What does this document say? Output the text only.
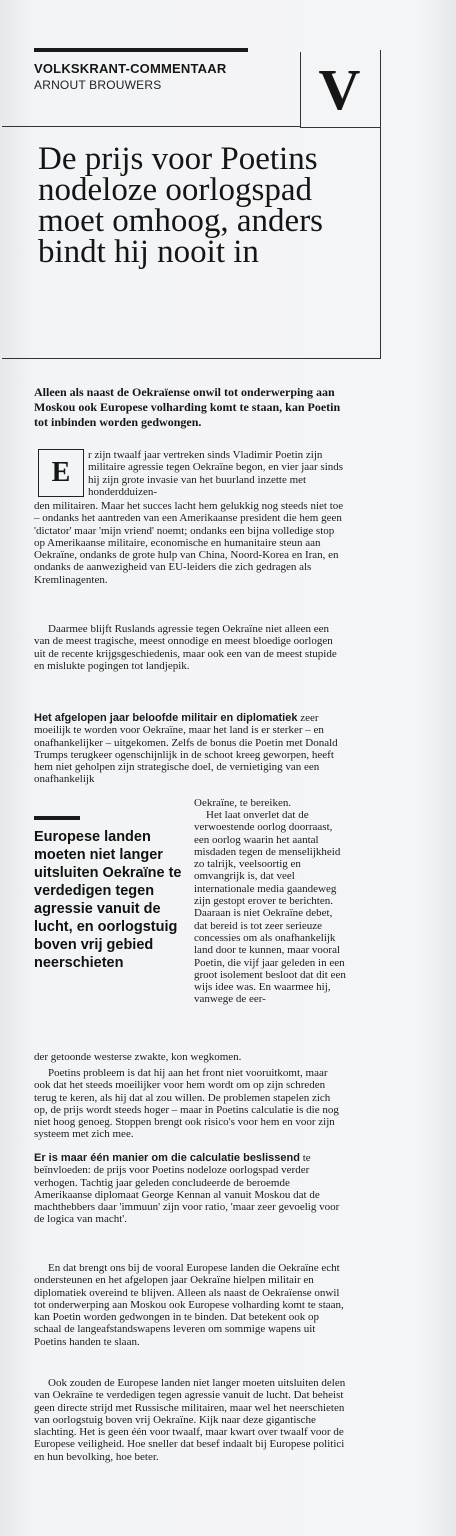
VOLKSKRANT-COMMENTAAR
ARNOUT BROUWERS	V
De prijs voor Poetins nodeloze oorlogspad moet omhoog, anders bindt hij nooit in
Alleen als naast de Oekraïense onwil tot onderwerping aan Moskou ook Europese volharding komt te staan, kan Poetin tot inbinden worden gedwongen.
E
r zijn twaalf jaar vertreken sinds Vladimir Poetin zijn militaire agressie tegen Oekraïne begon, en vier jaar sinds hij zijn grote invasie van het buurland inzette met honderdduizen-
den militairen. Maar het succes lacht hem gelukkig nog steeds niet toe – ondanks het aantreden van een Amerikaanse president die hem geen 'dictator' maar 'mijn vriend' noemt; ondanks een bijna volledige stop op Amerikaanse militaire, economische en humanitaire steun aan Oekraïne, ondanks de grote hulp van China, Noord-Korea en Iran, en ondanks de aanwezigheid van EU-leiders die zich gedragen als Kremlinagenten.
Daarmee blijft Ruslands agressie tegen Oekraïne niet alleen een van de meest tragische, meest onnodige en meest bloedige oorlogen uit de recente krijgsgeschiedenis, maar ook een van de meest stupide en mislukte pogingen tot landjepik.
Het afgelopen jaar beloofde militair en diplomatiek zeer moeilijk te worden voor Oekraïne, maar het land is er sterker – en onafhankelijker – uitgekomen. Zelfs de bonus die Poetin met Donald Trumps terugkeer ogenschijnlijk in de schoot kreeg geworpen, heeft hem niet geholpen zijn strategische doel, de vernietiging van een onafhankelijk
Oekraïne, te bereiken.
Europese landen moeten niet langer uitsluiten Oekraïne te verdedigen tegen agressie vanuit de lucht, en oorlogstuig boven vrij gebied neerschieten
Het laat onverlet dat de verwoestende oorlog doorraast, een oorlog waarin het aantal misdaden tegen de menselijkheid zo talrijk, veelsoortig en omvangrijk is, dat veel internationale media gaandeweg zijn gestopt erover te berichten. Daaraan is niet Oekraïne debet, dat bereid is tot zeer serieuze concessies om als onafhankelijk land door te kunnen, maar vooral Poetin, die vijf jaar geleden in een groot isolement besloot dat dit een wijs idee was. En waarmee hij, vanwege de eer-
der getoonde westerse zwakte, kon wegkomen.
Poetins probleem is dat hij aan het front niet vooruitkomt, maar ook dat het steeds moeilijker voor hem wordt om op zijn schreden terug te keren, als hij dat al zou willen. De problemen stapelen zich op, de prijs wordt steeds hoger – maar in Poetins calculatie is die nog niet hoog genoeg. Stoppen brengt ook risico's voor hem en voor zijn systeem met zich mee.
Er is maar één manier om die calculatie beslissend te beïnvloeden: de prijs voor Poetins nodeloze oorlogspad verder verhogen. Tachtig jaar geleden concludeerde de beroemde Amerikaanse diplomaat George Kennan al vanuit Moskou dat de machthebbers daar 'immuun' zijn voor ratio, 'maar zeer gevoelig voor de logica van macht'.
En dat brengt ons bij de vooral Europese landen die Oekraïne echt ondersteunen en het afgelopen jaar Oekraïne hielpen militair en diplomatiek overeind te blijven. Alleen als naast de Oekraïense onwil tot onderwerping aan Moskou ook Europese volharding komt te staan, kan Poetin worden gedwongen in te binden. Dat betekent ook op schaal de langeafstandswapens leveren om sommige wapens uit Poetins handen te slaan.
Ook zouden de Europese landen niet langer moeten uitsluiten delen van Oekraïne te verdedigen tegen agressie vanuit de lucht. Dat beheist geen directe strijd met Russische militairen, maar wel het neerschieten van oorlogstuig boven vrij Oekraïne. Kijk naar deze gigantische slachting. Het is geen één voor twaalf, maar kwart over twaalf voor de Europese veiligheid. Hoe sneller dat besef indaalt bij Europese politici en hun bevolking, hoe beter.
